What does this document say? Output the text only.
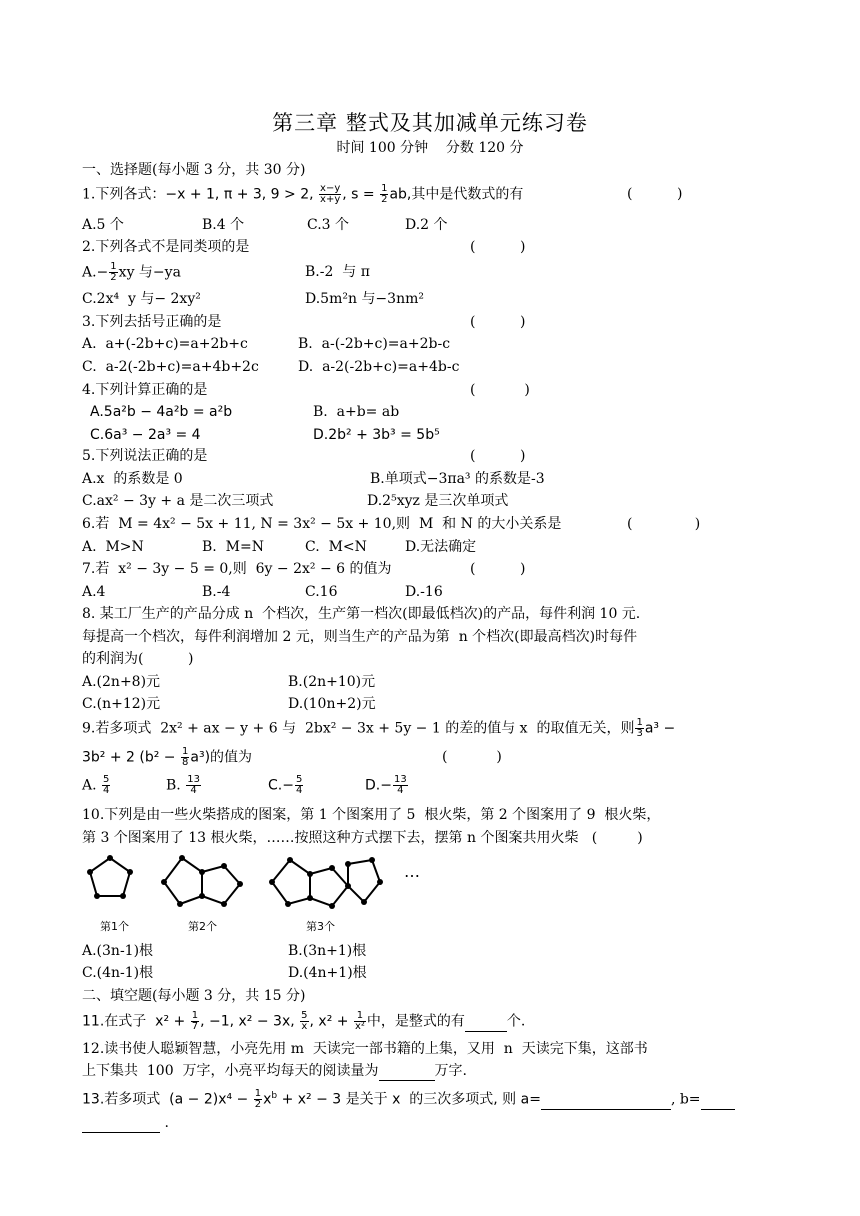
第三章 整式及其加减单元练习卷
时间 100 分钟    分数 120 分
一、选择题(每小题 3 分，共 30 分)
1.下列各式：−x + 1, π + 3, 9 > 2, $\frac{x-y}{x+y}$ , $s = \frac{1}{2}$ ab,其中是代数式的有	(          )
A.5 个	B.4 个	C.3 个	D.2 个
2.下列各式不是同类项的是	(          )
$A.- \frac{1}{2}$ xy 与−ya	B.-2  与 π
C.2x⁴  y 与− 2xy²	D.5m²n 与−3nm²
3.下列去括号正确的是	(          )
A.  a+(-2b+c)=a+2b+c	B.  a-(-2b+c)=a+2b-c
C.  a-2(-2b+c)=a+4b+2c	D.  a-2(-2b+c)=a+4b-c
4.下列计算正确的是	(           )
A.5a²b − 4a²b = a²b	B.  a+b= ab
C.6a³ − 2a³ = 4	D.2b² + 3b³ = 5b⁵
5.下列说法正确的是	(          )
A.x  的系数是 0	B.单项式−3πa³ 的系数是-3
C.ax² − 3y + a 是二次三项式	D.2⁵xyz 是三次单项式
6.若  M = 4x² − 5x + 11, N = 3x² − 5x + 10,则  M  和 N 的大小关系是	(              )
A.  M>N	B.  M=N	C.  M<N	D.无法确定
7.若  x² − 3y − 5 = 0,则  6y − 2x² − 6 的值为	(          )
A.4	B.-4	C.16	D.-16
8. 某工厂生产的产品分成 n  个档次，生产第一档次(即最低档次)的产品，每件利润 10 元.
每提高一个档次，每件利润增加 2 元，则当生产的产品为第  n 个档次(即最高档次)时每件
的利润为(          )
A.(2n+8)元	B.(2n+10)元
C.(n+12)元	D.(10n+2)元
9.若多项式  2x² + ax − y + 6 与  2bx² − 3x + 5y − 1 的差的值与 x  的取值无关，则 $\frac{1}{3} a^3$ −
3b² + 2 $(b^2 - \frac{1}{8} a^3)$的值为	(           )
A. $\frac{5}{4}$	B. $\frac{13}{4}$	$C.- \frac{5}{4}$	$D.- \frac{13}{4}$
10.下列是由一些火柴搭成的图案，第 1 个图案用了 5  根火柴，第 2 个图案用了 9  根火柴，
第 3 个图案用了 13 根火柴，……按照这种方式摆下去，摆第 n 个图案共用火柴   (         )
第1个	第2个	第3个
…
A.(3n-1)根	B.(3n+1)根
C.(4n-1)根	D.(4n+1)根
二、填空题(每小题 3 分，共 15 分)
11.在式子  $x^2 + \frac{1}{7}$ , −1, x² − 3x, $\frac{5}{x}$ , $x^2 + \frac{1}{\text{x²}}$ 中，是整式的有	个.
12.读书使人聪颖智慧，小亮先用 m  天读完一部书籍的上集，又用  n  天读完下集，这部书
上下集共  100  万字，小亮平均每天的阅读量为	万字.
13.若多项式  $(a - 2)x^4 - \frac{1}{2} x^b + x^2 - 3$ 是关于 x  的三次多项式, 则 a=	, b=
.
